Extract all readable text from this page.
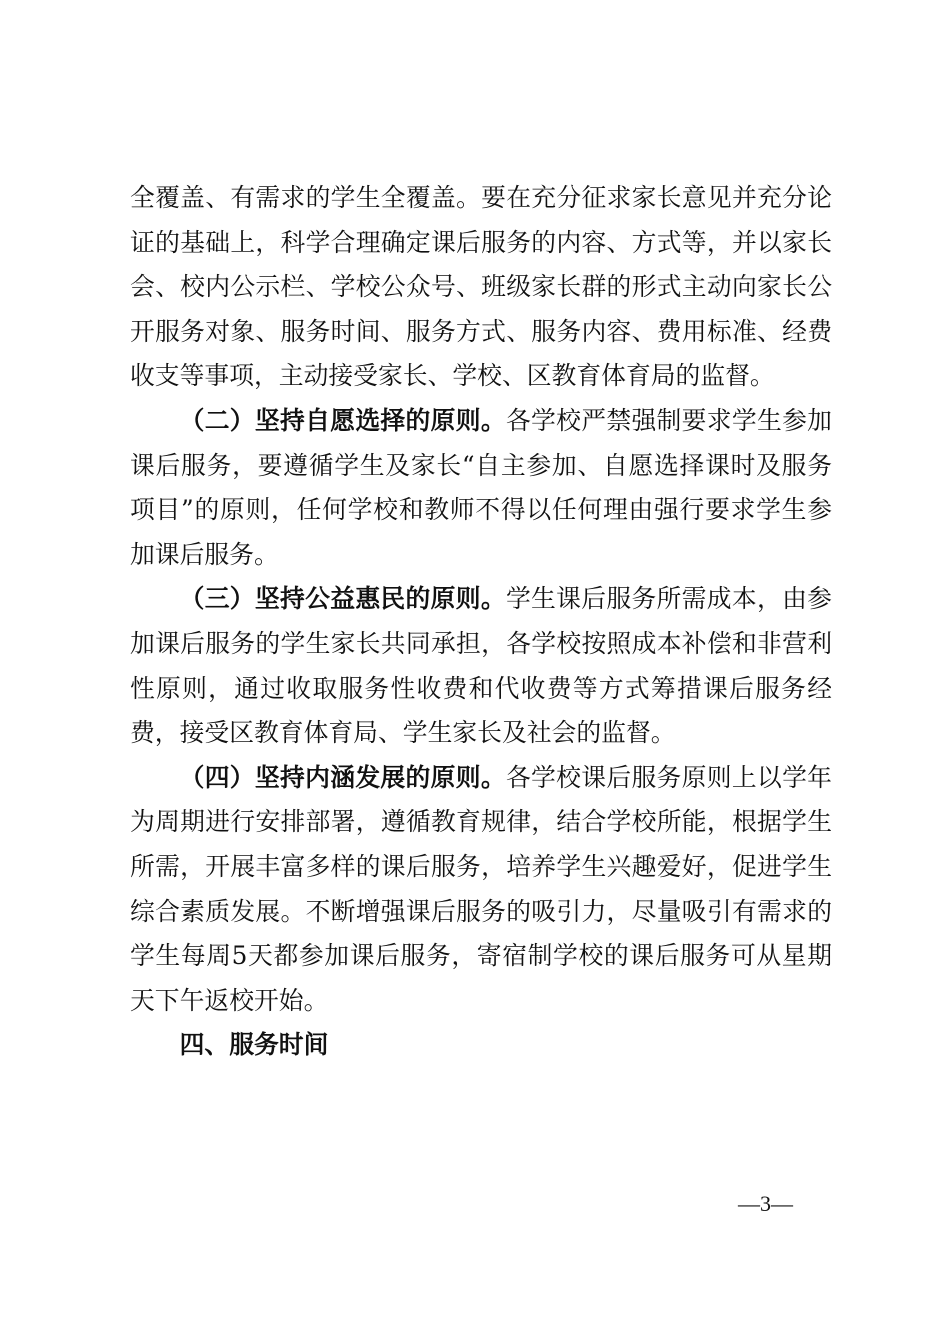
全覆盖、有需求的学生全覆盖。要在充分征求家长意见并充分论证的基础上，科学合理确定课后服务的内容、方式等，并以家长会、校内公示栏、学校公众号、班级家长群的形式主动向家长公开服务对象、服务时间、服务方式、服务内容、费用标准、经费收支等事项，主动接受家长、学校、区教育体育局的监督。

（二）坚持自愿选择的原则。各学校严禁强制要求学生参加课后服务，要遵循学生及家长“自主参加、自愿选择课时及服务项目”的原则，任何学校和教师不得以任何理由强行要求学生参加课后服务。

（三）坚持公益惠民的原则。学生课后服务所需成本，由参加课后服务的学生家长共同承担，各学校按照成本补偿和非营利性原则，通过收取服务性收费和代收费等方式筹措课后服务经费，接受区教育体育局、学生家长及社会的监督。

（四）坚持内涵发展的原则。各学校课后服务原则上以学年为周期进行安排部署，遵循教育规律，结合学校所能，根据学生所需，开展丰富多样的课后服务，培养学生兴趣爱好，促进学生综合素质发展。不断增强课后服务的吸引力，尽量吸引有需求的学生每周5天都参加课后服务，寄宿制学校的课后服务可从星期天下午返校开始。

四、服务时间

—3—
